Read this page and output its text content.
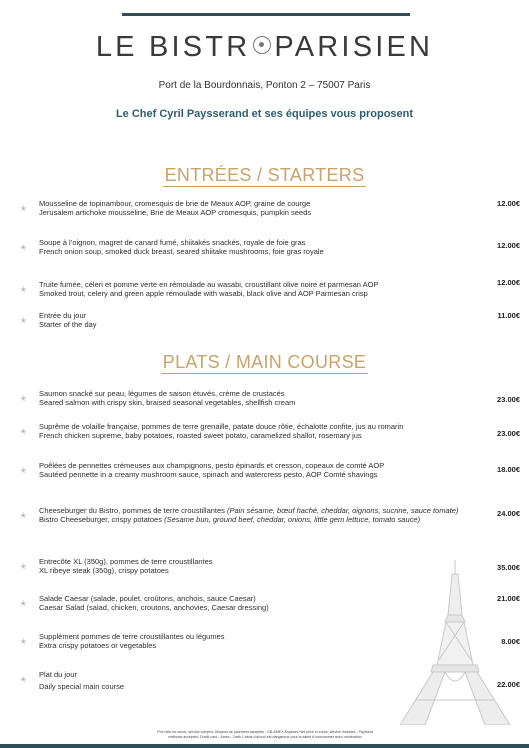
LE BISTR PARISIEN
Port de la Bourdonnais, Ponton 2 – 75007 Paris
Le Chef Cyril Paysserand et ses équipes vous proposent
ENTRÉES / STARTERS
✭
Mousseline de topinambour, cromesquis de brie de Meaux AOP, graine de courge
Jerusalem artichoke mousseline, Brie de Meaux AOP cromesquis, pumpkin seeds
12.00€
✭
Soupe à l’oignon, magret de canard fumé, shiitakés snackés, royale de foie gras
French onion soup, smoked duck breast, seared shiitake mushrooms, foie gras royale
12.00€
✭
Truite fumée, céleri et pomme verte en rémoulade au wasabi, croustillant olive noire et parmesan AOP
Smoked trout, celery and green apple rémoulade with wasabi, black olive and AOP Parmesan crisp
12.00€
✭
Entrée du jour
Starter of the day
11.00€
PLATS / MAIN COURSE
✭
Saumon snacké sur peau, légumes de saison étuvés, crème de crustacés
Seared salmon with crispy skin, braised seasonal vegetables, shellfish cream	23.00€
✭
Suprême de volaille française, pommes de terre grenaille, patate douce rôtie, échalotte confite, jus au romarin
French chicken supreme, baby potatoes, roasted sweet potato, caramelized shallot, rosemary jus	23.00€
✭
Poêlées de pennettes crémeuses aux champignons, pesto épinards et cresson, copeaux de comté AOP
Sautéed pennette in a creamy mushroom sauce, spinach and watercress pesto, AOP Comté shavings
18.00€
✭
Cheeseburger du Bistro, pommes de terre croustillantes (Pain sésame, bœuf haché, cheddar, oignons, sucrine, sauce tomate)
Bistro Cheeseburger, crispy potatoes (Sesame bun, ground beef, cheddar, onions, little gem lettuce, tomato sauce)
24.00€
✭
Entrecôte XL (350g), pommes de terre croustillantes
XL ribeye steak (350g), crispy potatoes	35.00€
✭
Salade Caesar (salade, poulet, croûtons, anchois, sauce Caesar)
Caesar Salad (salad, chicken, croutons, anchovies, Caesar dressing)
21.00€
✭
Supplément pommes de terre croustillantes ou légumes
Extra crispy potatoes or vegetables	8.00€
✭
Plat du jour
Daily special main course	22.00€
Prix nets en euros, service compris -Moyens de paiement acceptés : CB-AMEX-Espèces Net price in euros, service included - Payment
methods accepted: Credit card - Amex - Cash L’abus d’alcool est dangereux pour la santé A consommer avec modération
